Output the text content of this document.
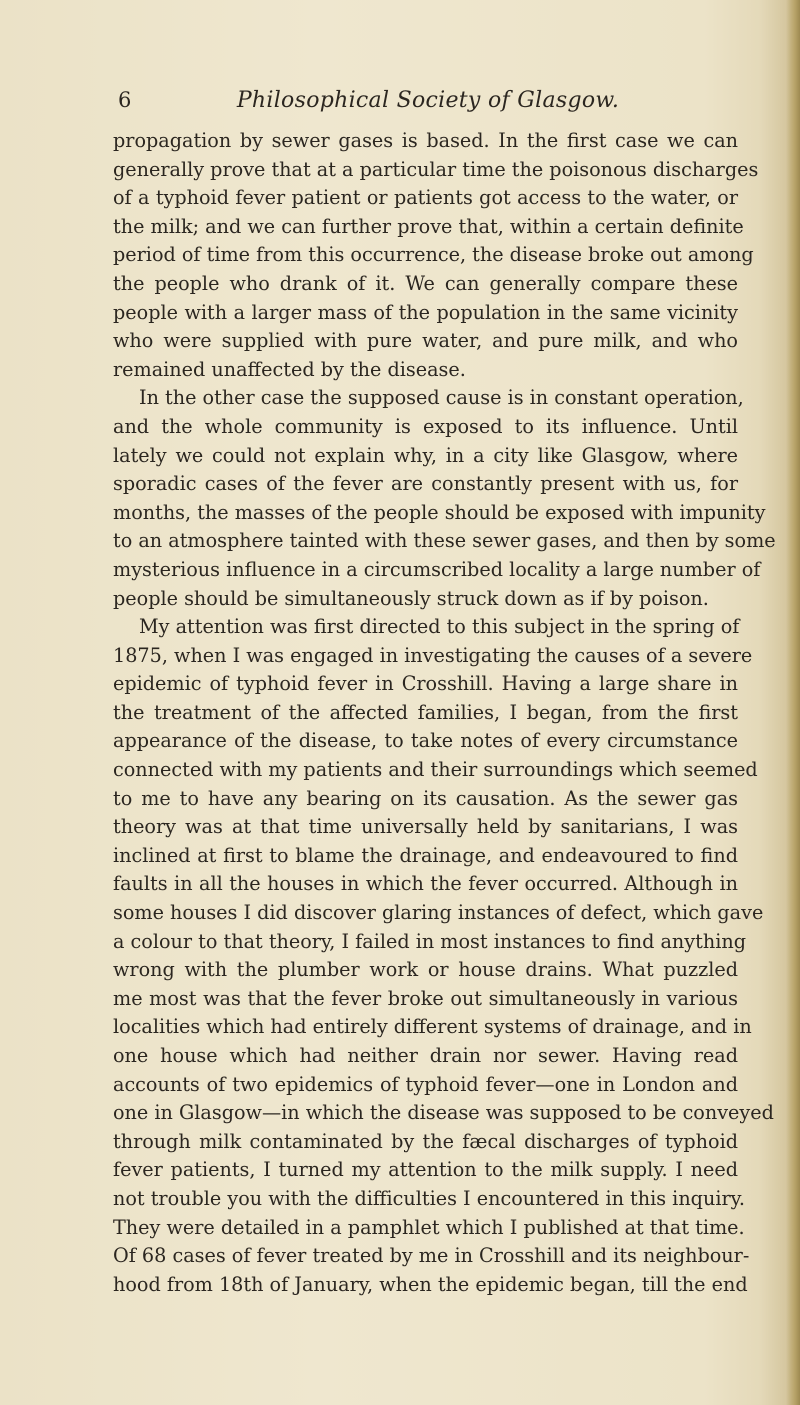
6	Philosophical Society of Glasgow.
propagation by sewer gases is based. In the first case we can
generally prove that at a particular time the poisonous discharges
of a typhoid fever patient or patients got access to the water, or
the milk; and we can further prove that, within a certain definite
period of time from this occurrence, the disease broke out among
the people who drank of it. We can generally compare these
people with a larger mass of the population in the same vicinity
who were supplied with pure water, and pure milk, and who
remained unaffected by the disease.
In the other case the supposed cause is in constant operation,
and the whole community is exposed to its influence. Until
lately we could not explain why, in a city like Glasgow, where
sporadic cases of the fever are constantly present with us, for
months, the masses of the people should be exposed with impunity
to an atmosphere tainted with these sewer gases, and then by some
mysterious influence in a circumscribed locality a large number of
people should be simultaneously struck down as if by poison.
My attention was first directed to this subject in the spring of
1875, when I was engaged in investigating the causes of a severe
epidemic of typhoid fever in Crosshill. Having a large share in
the treatment of the affected families, I began, from the first
appearance of the disease, to take notes of every circumstance
connected with my patients and their surroundings which seemed
to me to have any bearing on its causation. As the sewer gas
theory was at that time universally held by sanitarians, I was
inclined at first to blame the drainage, and endeavoured to find
faults in all the houses in which the fever occurred. Although in
some houses I did discover glaring instances of defect, which gave
a colour to that theory, I failed in most instances to find anything
wrong with the plumber work or house drains. What puzzled
me most was that the fever broke out simultaneously in various
localities which had entirely different systems of drainage, and in
one house which had neither drain nor sewer. Having read
accounts of two epidemics of typhoid fever—one in London and
one in Glasgow—in which the disease was supposed to be conveyed
through milk contaminated by the fæcal discharges of typhoid
fever patients, I turned my attention to the milk supply. I need
not trouble you with the difficulties I encountered in this inquiry.
They were detailed in a pamphlet which I published at that time.
Of 68 cases of fever treated by me in Crosshill and its neighbour-
hood from 18th of January, when the epidemic began, till the end
